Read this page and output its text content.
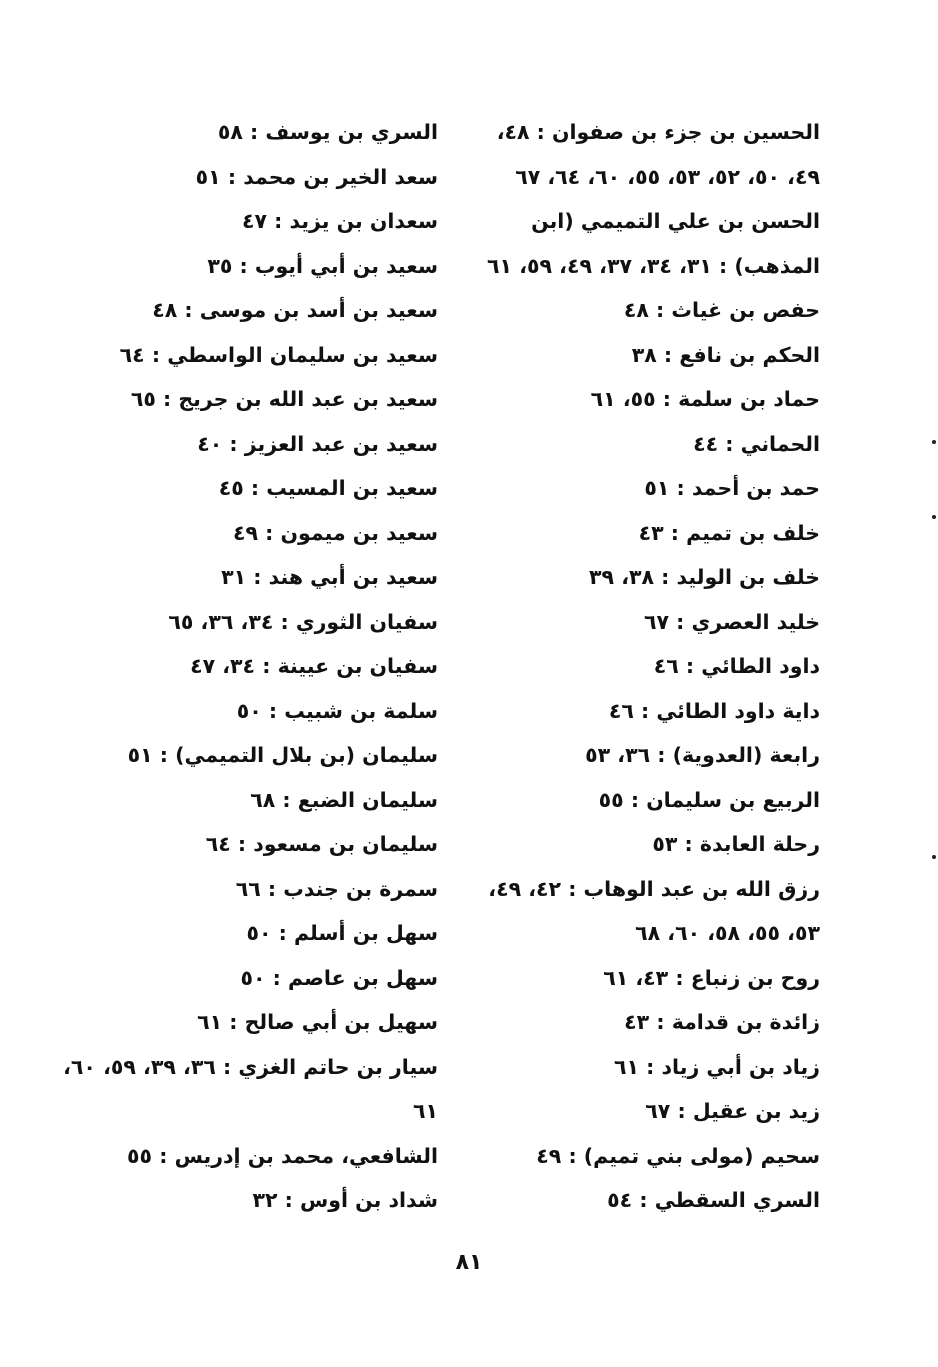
الحسين بن جزء بن صفوان : ٤٨، ٤٩، ٥٠، ٥٢، ٥٣، ٥٥، ٦٠، ٦٤، ٦٧
الحسن بن علي التميمي (ابن المذهب) : ٣١، ٣٤، ٣٧، ٤٩، ٥٩، ٦١
حفص بن غياث : ٤٨
الحكم بن نافع : ٣٨
حماد بن سلمة : ٥٥، ٦١
الحماني : ٤٤
حمد بن أحمد : ٥١
خلف بن تميم : ٤٣
خلف بن الوليد : ٣٨، ٣٩
خليد العصري : ٦٧
داود الطائي : ٤٦
داية داود الطائي : ٤٦
رابعة (العدوية) : ٣٦، ٥٣
الربيع بن سليمان : ٥٥
رحلة العابدة : ٥٣
رزق الله بن عبد الوهاب : ٤٢، ٤٩، ٥٣، ٥٥، ٥٨، ٦٠، ٦٨
روح بن زنباع : ٤٣، ٦١
زائدة بن قدامة : ٤٣
زياد بن أبي زياد : ٦١
زيد بن عقيل : ٦٧
سحيم (مولى بني تميم) : ٤٩
السري السقطي : ٥٤
السري بن يوسف : ٥٨
سعد الخير بن محمد : ٥١
سعدان بن يزيد : ٤٧
سعيد بن أبي أيوب : ٣٥
سعيد بن أسد بن موسى : ٤٨
سعيد بن سليمان الواسطي : ٦٤
سعيد بن عبد الله بن جريج : ٦٥
سعيد بن عبد العزيز : ٤٠
سعيد بن المسيب : ٤٥
سعيد بن ميمون : ٤٩
سعيد بن أبي هند : ٣١
سفيان الثوري : ٣٤، ٣٦، ٦٥
سفيان بن عيينة : ٣٤، ٤٧
سلمة بن شبيب : ٥٠
سليمان (بن بلال التميمي) : ٥١
سليمان الضبع : ٦٨
سليمان بن مسعود : ٦٤
سمرة بن جندب : ٦٦
سهل بن أسلم : ٥٠
سهل بن عاصم : ٥٠
سهيل بن أبي صالح : ٦١
سيار بن حاتم الغزي : ٣٦، ٣٩، ٥٩، ٦٠، ٦١
الشافعي، محمد بن إدريس : ٥٥
شداد بن أوس : ٣٢
٨١
